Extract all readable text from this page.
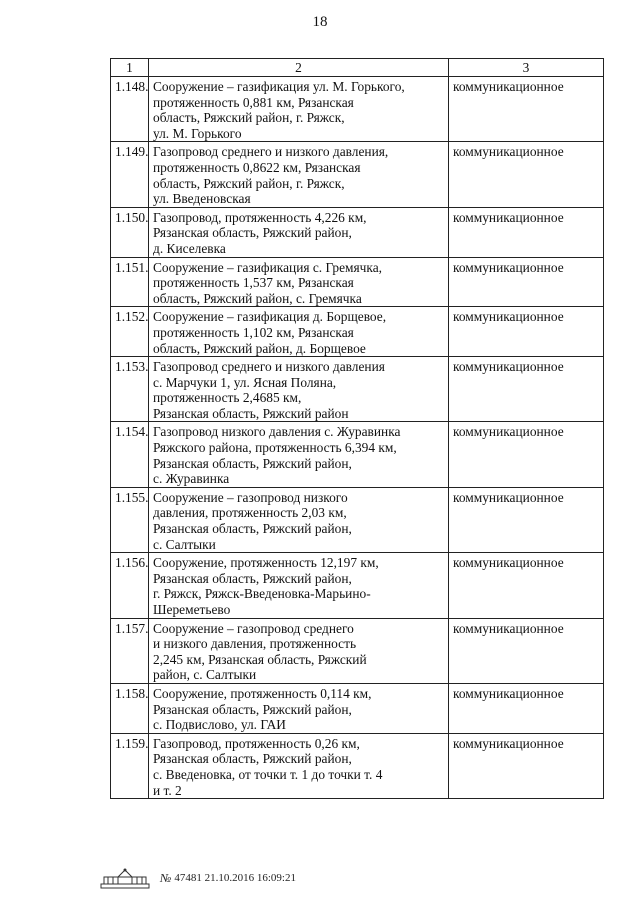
18
1	2	3
1.148.	Сооружение – газификация ул. М. Горького,
протяженность 0,881 км, Рязанская
область, Ряжский район, г. Ряжск,
ул. М. Горького	коммуникационное
1.149.	Газопровод среднего и низкого давления,
протяженность 0,8622 км, Рязанская
область, Ряжский район, г. Ряжск,
ул. Введеновская	коммуникационное
1.150.	Газопровод, протяженность 4,226 км,
Рязанская область, Ряжский район,
д. Киселевка	коммуникационное
1.151.	Сооружение – газификация с. Гремячка,
протяженность 1,537 км, Рязанская
область, Ряжский район, с. Гремячка	коммуникационное
1.152.	Сооружение – газификация д. Борщевое,
протяженность 1,102 км, Рязанская
область, Ряжский район, д. Борщевое	коммуникационное
1.153.	Газопровод среднего и низкого давления
с. Марчуки 1, ул. Ясная Поляна,
протяженность 2,4685 км,
Рязанская область, Ряжский район	коммуникационное
1.154.	Газопровод низкого давления с. Журавинка
Ряжского района, протяженность 6,394 км,
Рязанская область, Ряжский район,
с. Журавинка	коммуникационное
1.155.	Сооружение – газопровод низкого
давления, протяженность 2,03 км,
Рязанская область, Ряжский район,
с. Салтыки	коммуникационное
1.156.	Сооружение, протяженность 12,197 км,
Рязанская область, Ряжский район,
г. Ряжск, Ряжск-Введеновка-Марьино-
Шереметьево	коммуникационное
1.157.	Сооружение – газопровод среднего
и низкого давления, протяженность
2,245 км, Рязанская область, Ряжский
район, с. Салтыки	коммуникационное
1.158.	Сооружение, протяженность 0,114 км,
Рязанская область, Ряжский район,
с. Подвислово, ул. ГАИ	коммуникационное
1.159.	Газопровод, протяженность 0,26 км,
Рязанская область, Ряжский район,
с. Введеновка, от точки т. 1 до точки т. 4
и т. 2	коммуникационное
№ 47481 21.10.2016 16:09:21
